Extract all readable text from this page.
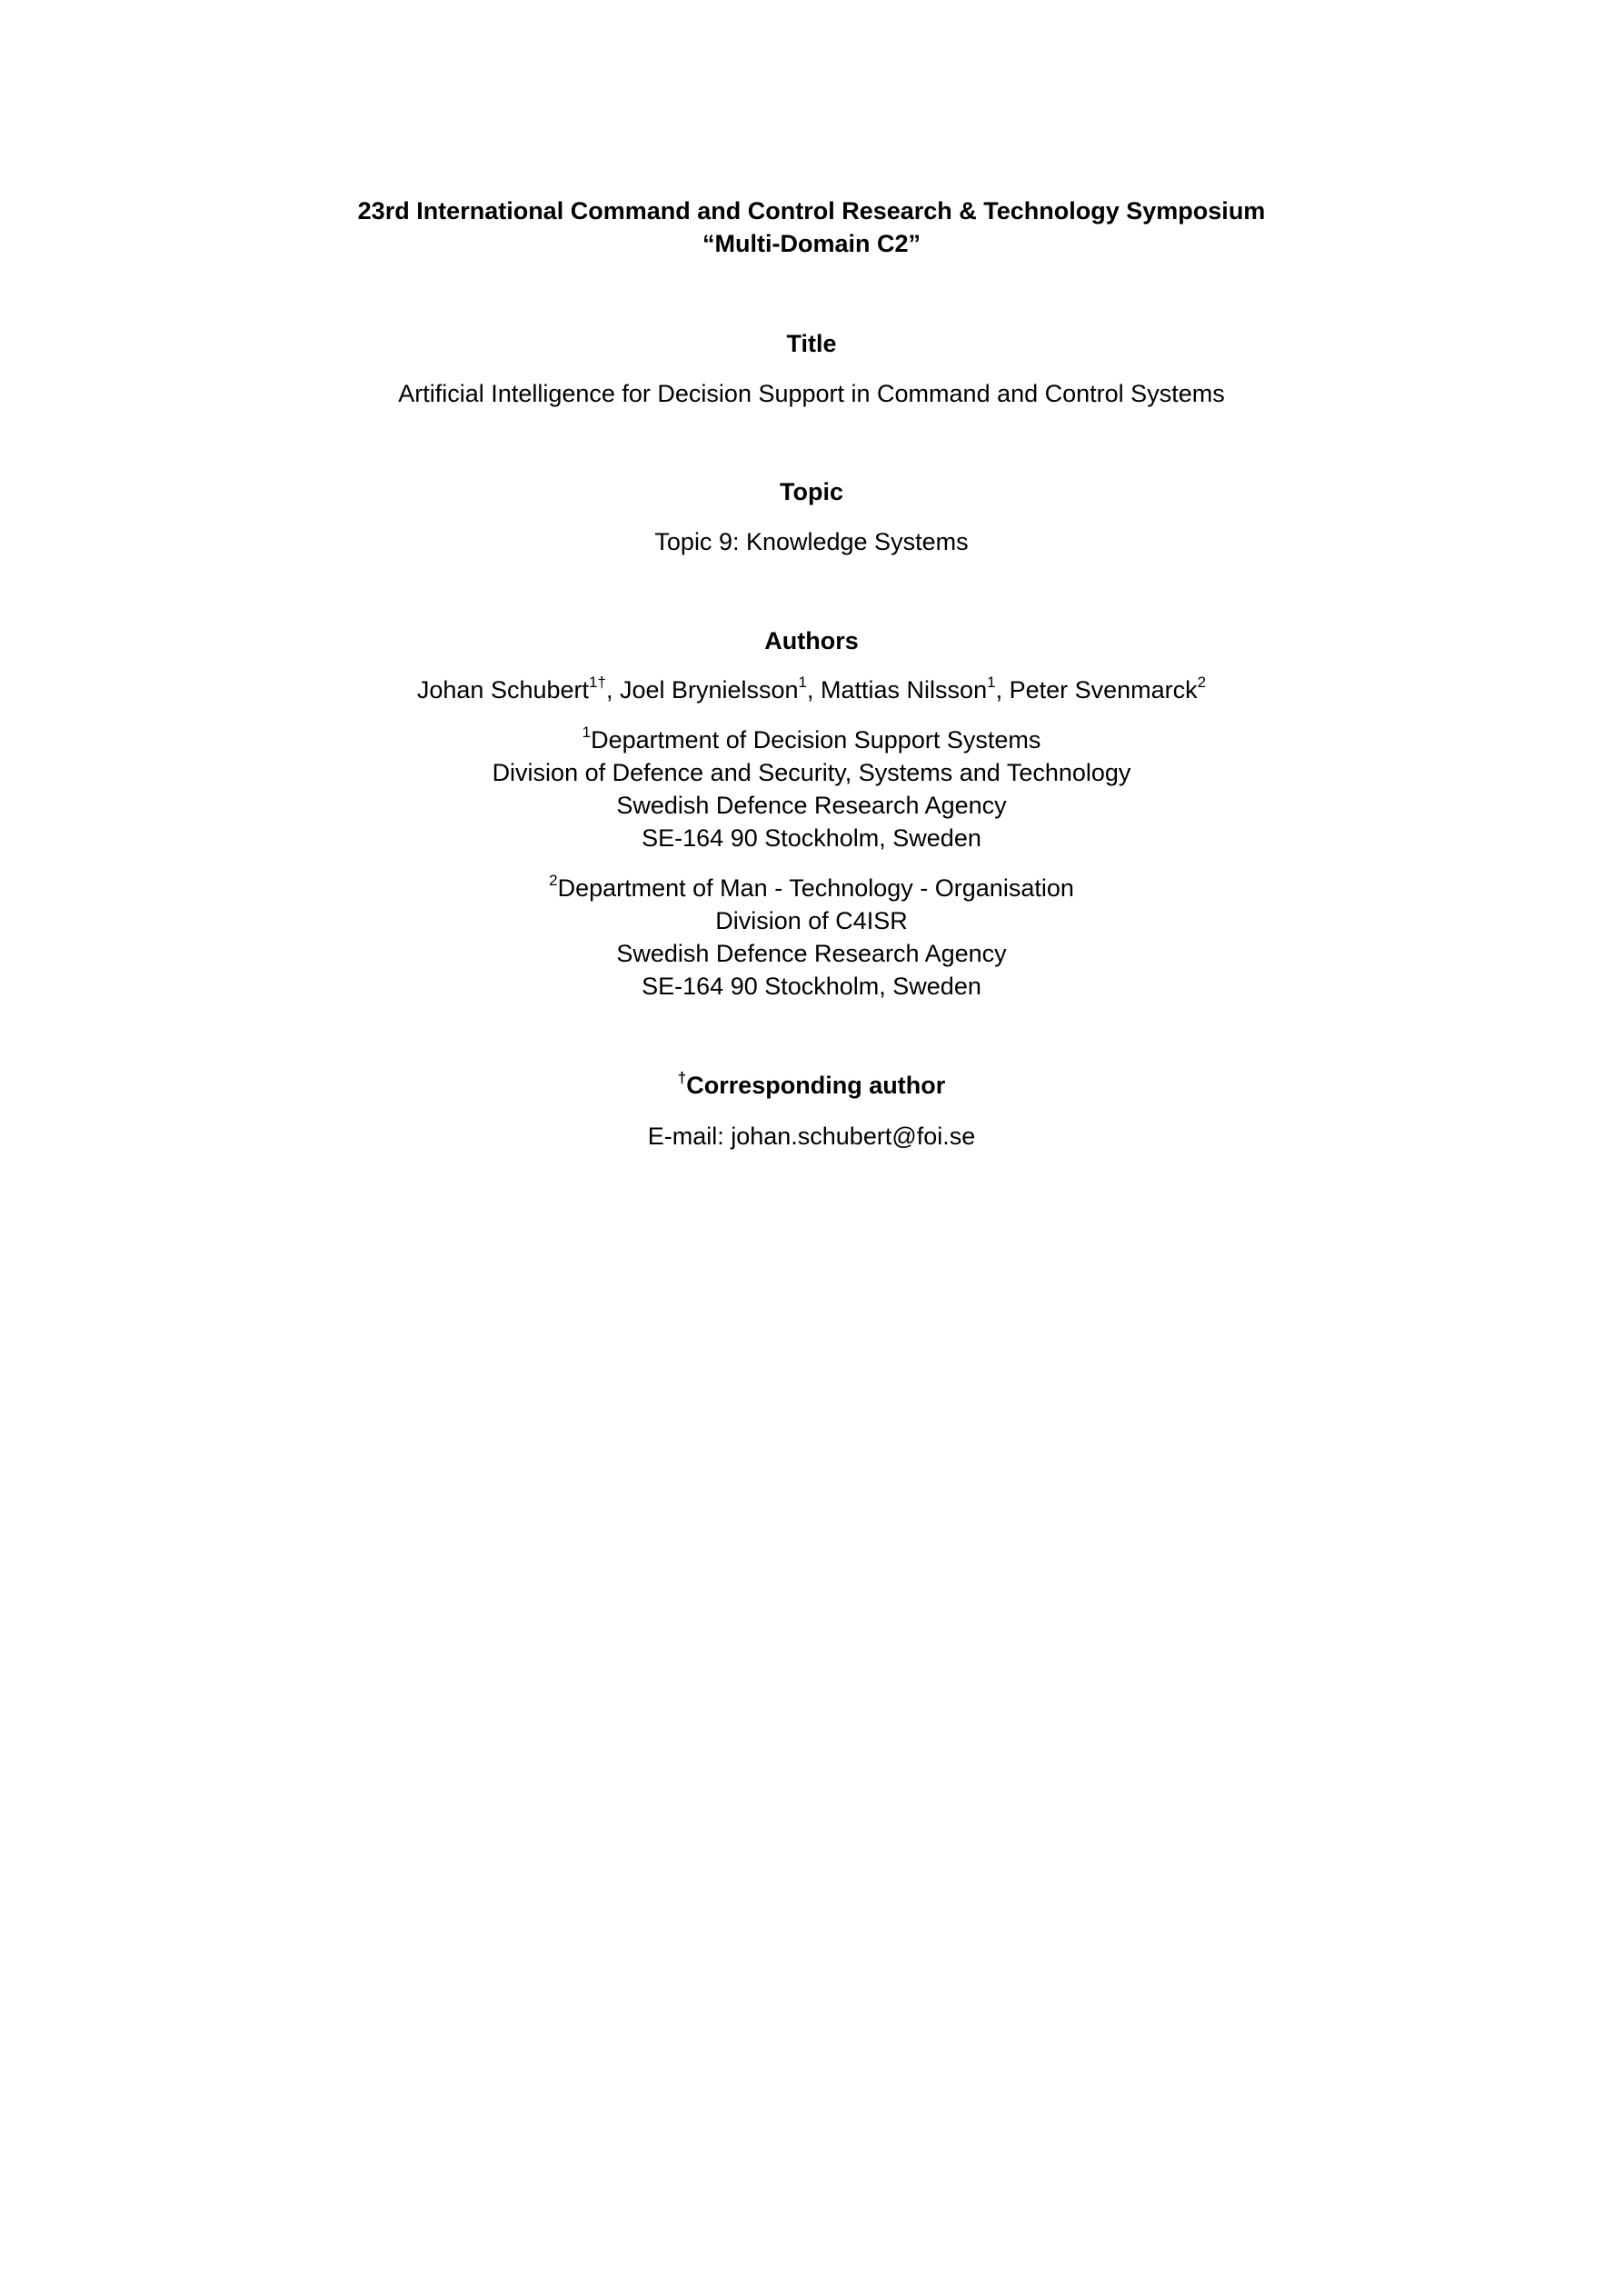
23rd International Command and Control Research & Technology Symposium
“Multi-Domain C2”
Title
Artificial Intelligence for Decision Support in Command and Control Systems
Topic
Topic 9: Knowledge Systems
Authors
Johan Schubert$^{1\dagger}$, Joel Brynielsson$^1$, Mattias Nilsson$^1$, Peter Svenmarck$^2$
$^1$Department of Decision Support Systems
Division of Defence and Security, Systems and Technology
Swedish Defence Research Agency
SE-164 90 Stockholm, Sweden
$^2$Department of Man - Technology - Organisation
Division of C4ISR
Swedish Defence Research Agency
SE-164 90 Stockholm, Sweden
†Corresponding author
E-mail: johan.schubert@foi.se
